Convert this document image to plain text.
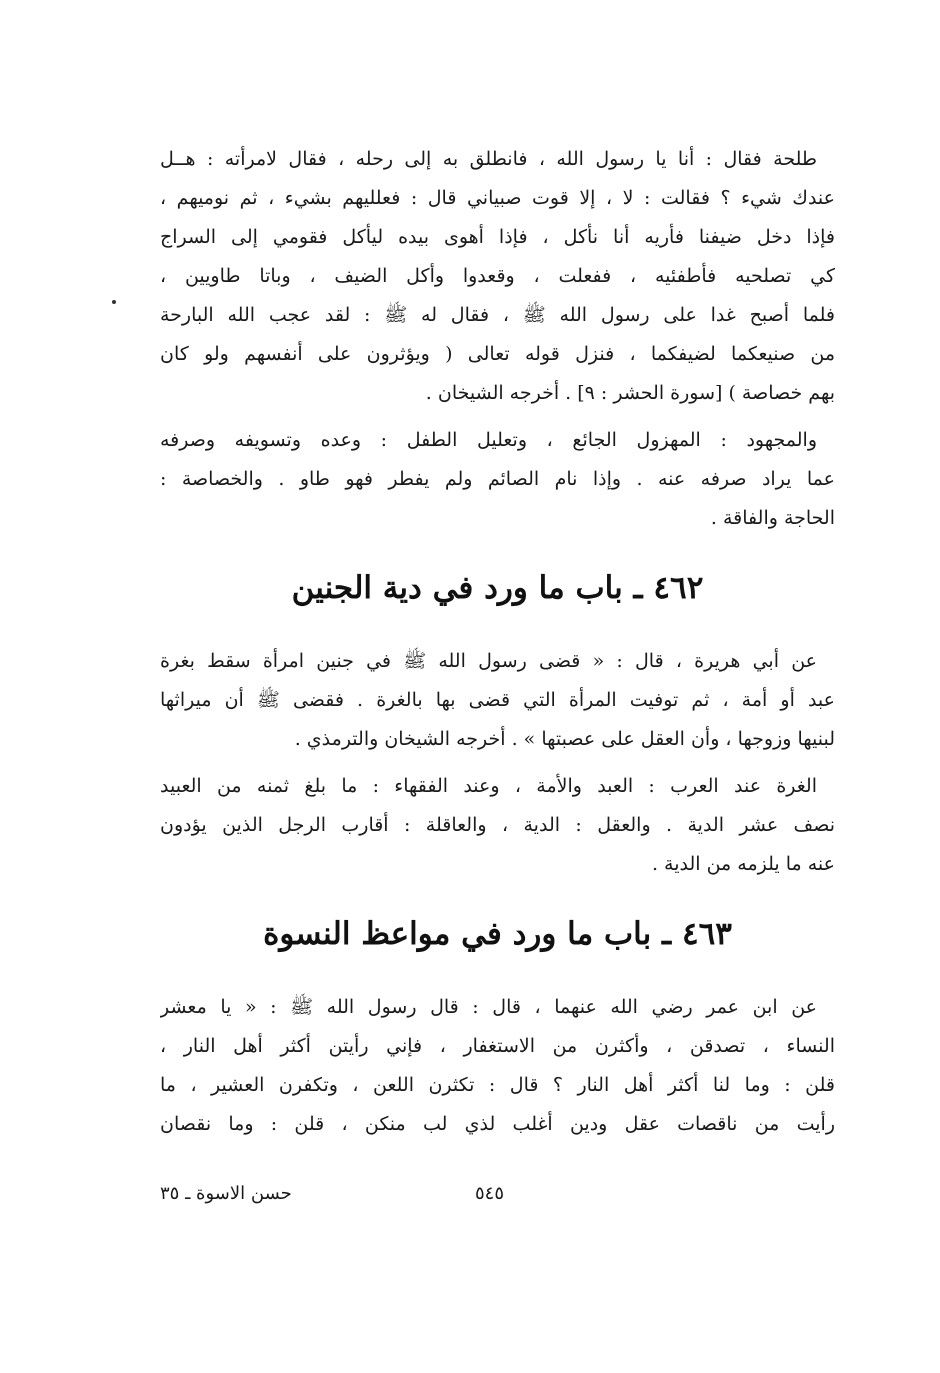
طلحة فقال : أنا يا رسول الله ، فانطلق به إلى رحله ، فقال لامرأته : هــل
عندك شيء ؟ فقالت : لا ، إلا قوت صبياني قال : فعلليهم بشيء ، ثم نوميهم ،
فإذا دخل ضيفنا فأريه أنا نأكل ، فإذا أهوى بيده ليأكل فقومي إلى السراج
كي تصلحيه فأطفئيه ، ففعلت ، وقعدوا وأكل الضيف ، وباتا طاويين ،
فلما أصبح غدا على رسول الله ﷺ ، فقال له ﷺ : لقد عجب الله البارحة
من صنيعكما لضيفكما ، فنزل قوله تعالى ( ويؤثرون على أنفسهم ولو كان
بهم خصاصة ) [سورة الحشر : ٩] . أخرجه الشيخان .
والمجهود : المهزول الجائع ، وتعليل الطفل : وعده وتسويفه وصرفه
عما يراد صرفه عنه . وإذا نام الصائم ولم يفطر فهو طاو . والخصاصة :
الحاجة والفاقة .
٤٦٢ ـ باب ما ورد في دية الجنين
عن أبي هريرة ، قال : « قضى رسول الله ﷺ في جنين امرأة سقط بغرة
عبد أو أمة ، ثم توفيت المرأة التي قضى بها بالغرة . فقضى ﷺ أن ميراثها
لبنيها وزوجها ، وأن العقل على عصبتها » . أخرجه الشيخان والترمذي .
الغرة عند العرب : العبد والأمة ، وعند الفقهاء : ما بلغ ثمنه من العبيد
نصف عشر الدية . والعقل : الدية ، والعاقلة : أقارب الرجل الذين يؤدون
عنه ما يلزمه من الدية .
٤٦٣ ـ باب ما ورد في مواعظ النسوة
عن ابن عمر رضي الله عنهما ، قال : قال رسول الله ﷺ : « يا معشر
النساء ، تصدقن ، وأكثرن من الاستغفار ، فإني رأيتن أكثر أهل النار ،
قلن : وما لنا أكثر أهل النار ؟ قال : تكثرن اللعن ، وتكفرن العشير ، ما
رأيت من ناقصات عقل ودين أغلب لذي لب منكن ، قلن : وما نقصان
٥٤٥
حسن الاسوة ـ ٣٥
